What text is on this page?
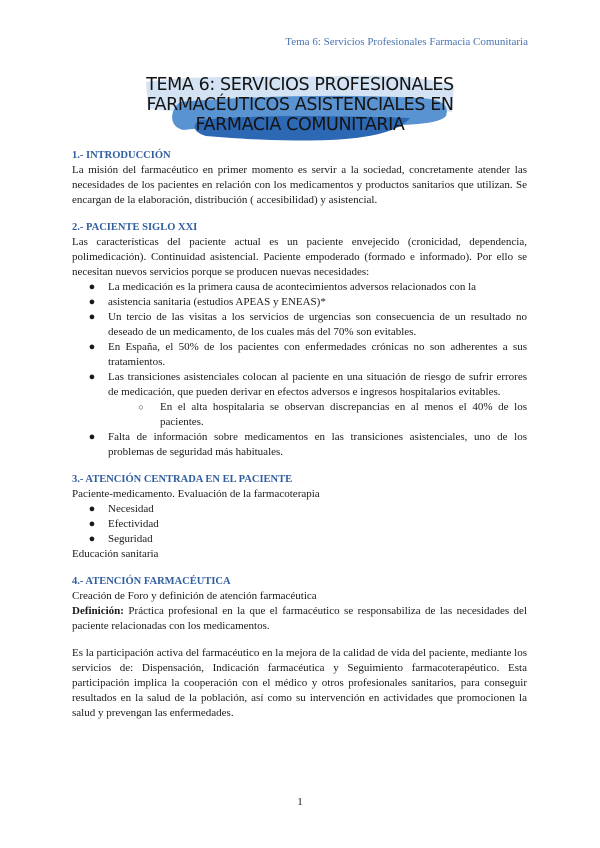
Tema 6: Servicios Profesionales Farmacia Comunitaria
TEMA 6: SERVICIOS PROFESIONALES
FARMACÉUTICOS ASISTENCIALES EN
FARMACIA COMUNITARIA
1.- INTRODUCCIÓN

La misión del farmacéutico en primer momento es servir a la sociedad, concretamente atender las necesidades de los pacientes en relación con los medicamentos y productos sanitarios que utilizan. Se encargan de la elaboración, distribución ( accesibilidad) y asistencial.

2.- PACIENTE SIGLO XXI

Las características del paciente actual es un paciente envejecido (cronicidad, dependencia, polimedicación). Continuidad asistencial. Paciente empoderado (formado e informado). Por ello se necesitan nuevos servicios porque se producen nuevas necesidades:

● La medicación es la primera causa de acontecimientos adversos relacionados con la
● asistencia sanitaria (estudios APEAS y ENEAS)*
● Un tercio de las visitas a los servicios de urgencias son consecuencia de un resultado no deseado de un medicamento, de los cuales más del 70% son evitables.
● En España, el 50% de los pacientes con enfermedades crónicas no son adherentes a sus tratamientos.
● Las transiciones asistenciales colocan al paciente en una situación de riesgo de sufrir errores de medicación, que pueden derivar en efectos adversos e ingresos hospitalarios evitables.
○ En el alta hospitalaria se observan discrepancias en al menos el 40% de los pacientes.
● Falta de información sobre medicamentos en las transiciones asistenciales, uno de los problemas de seguridad más habituales.
3.- ATENCIÓN CENTRADA EN EL PACIENTE

Paciente-medicamento. Evaluación de la farmacoterapia

● Necesidad
● Efectividad
● Seguridad

Educación sanitaria

4.- ATENCIÓN FARMACÉUTICA

Creación de Foro y definición de atención farmacéutica

Definición: Práctica profesional en la que el farmacéutico se responsabiliza de las necesidades del paciente relacionadas con los medicamentos.

Es la participación activa del farmacéutico en la mejora de la calidad de vida del paciente, mediante los servicios de: Dispensación, Indicación farmacéutica y Seguimiento farmacoterapéutico. Esta participación implica la cooperación con el médico y otros profesionales sanitarios, para conseguir resultados en la salud de la población, así como su intervención en actividades que promocionen la salud y prevengan las enfermedades.

1
